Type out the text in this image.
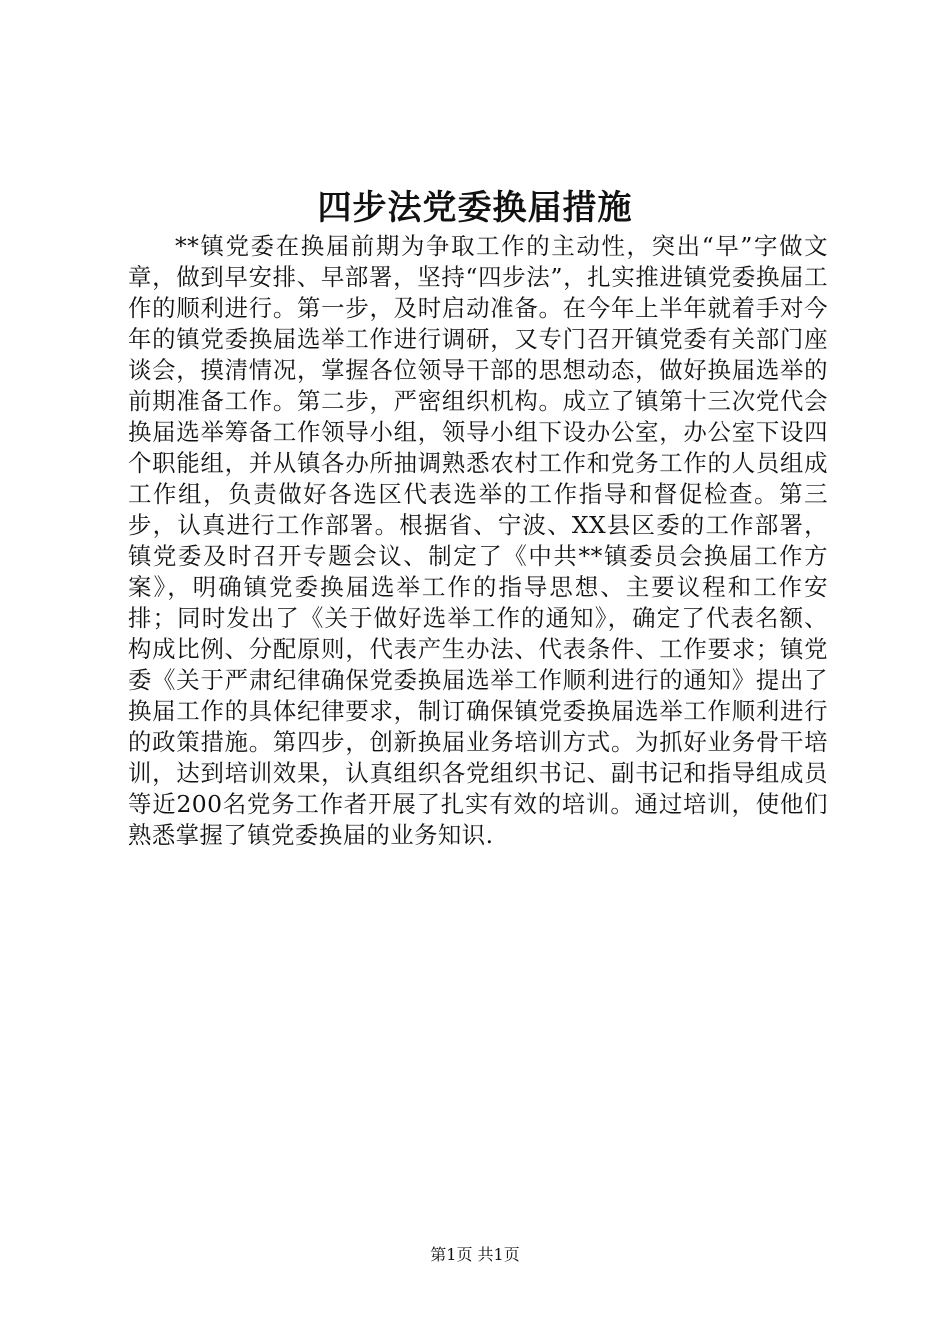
四步法党委换届措施

**镇党委在换届前期为争取工作的主动性，突出“早”字做文章，做到早安排、早部署，坚持“四步法”，扎实推进镇党委换届工作的顺利进行。第一步，及时启动准备。在今年上半年就着手对今年的镇党委换届选举工作进行调研，又专门召开镇党委有关部门座谈会，摸清情况，掌握各位领导干部的思想动态，做好换届选举的前期准备工作。第二步，严密组织机构。成立了镇第十三次党代会换届选举筹备工作领导小组，领导小组下设办公室，办公室下设四个职能组，并从镇各办所抽调熟悉农村工作和党务工作的人员组成工作组，负责做好各选区代表选举的工作指导和督促检查。第三步，认真进行工作部署。根据省、宁波、XX县区委的工作部署，镇党委及时召开专题会议、制定了《中共**镇委员会换届工作方案》，明确镇党委换届选举工作的指导思想、主要议程和工作安排；同时发出了《关于做好选举工作的通知》，确定了代表名额、构成比例、分配原则，代表产生办法、代表条件、工作要求；镇党委《关于严肃纪律确保党委换届选举工作顺利进行的通知》提出了换届工作的具体纪律要求，制订确保镇党委换届选举工作顺利进行的政策措施。第四步，创新换届业务培训方式。为抓好业务骨干培训，达到培训效果，认真组织各党组织书记、副书记和指导组成员等近200名党务工作者开展了扎实有效的培训。通过培训，使他们熟悉掌握了镇党委换届的业务知识.

第1页 共1页
